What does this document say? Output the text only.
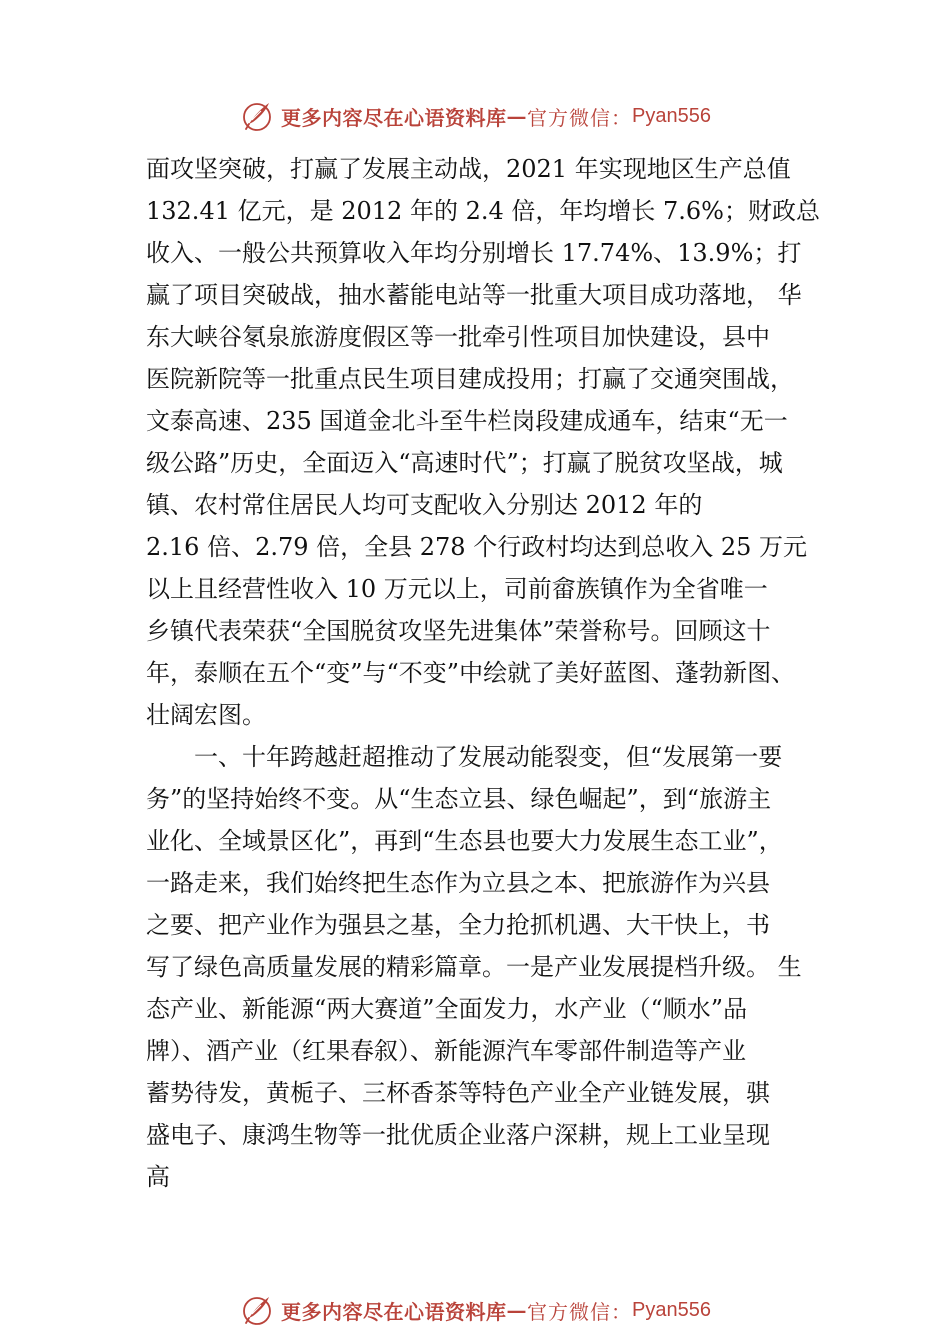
更多内容尽在心语资料库 — 官方微信： Pyan556
面攻坚突破，打赢了发展主动战，2021 年实现地区生产总值
132.41 亿元，是 2012 年的 2.4 倍，年均增长 7.6%；财政总
收入、一般公共预算收入年均分别增长 17.74%、13.9%；打
赢了项目突破战，抽水蓄能电站等一批重大项目成功落地， 华
东大峡谷氡泉旅游度假区等一批牵引性项目加快建设，县中
医院新院等一批重点民生项目建成投用；打赢了交通突围战，
文泰高速、235 国道金北斗至牛栏岗段建成通车，结束“无一
级公路”历史，全面迈入“高速时代”；打赢了脱贫攻坚战，城
镇、农村常住居民人均可支配收入分别达 2012 年的
2.16 倍、2.79 倍，全县 278 个行政村均达到总收入 25 万元
以上且经营性收入 10 万元以上，司前畲族镇作为全省唯一
乡镇代表荣获“全国脱贫攻坚先进集体”荣誉称号。回顾这十
年，泰顺在五个“变”与“不变”中绘就了美好蓝图、蓬勃新图、
壮阔宏图。
　　一、十年跨越赶超推动了发展动能裂变，但“发展第一要
务”的坚持始终不变。从“生态立县、绿色崛起”，到“旅游主
业化、全域景区化”，再到“生态县也要大力发展生态工业”，
一路走来，我们始终把生态作为立县之本、把旅游作为兴县
之要、把产业作为强县之基，全力抢抓机遇、大干快上，书
写了绿色高质量发展的精彩篇章。一是产业发展提档升级。 生
态产业、新能源“两大赛道”全面发力，水产业（“顺水”品
牌）、酒产业（红果春叙）、新能源汽车零部件制造等产业
蓄势待发，黄栀子、三杯香茶等特色产业全产业链发展，骐
盛电子、康鸿生物等一批优质企业落户深耕，规上工业呈现
高
更多内容尽在心语资料库 — 官方微信： Pyan556
